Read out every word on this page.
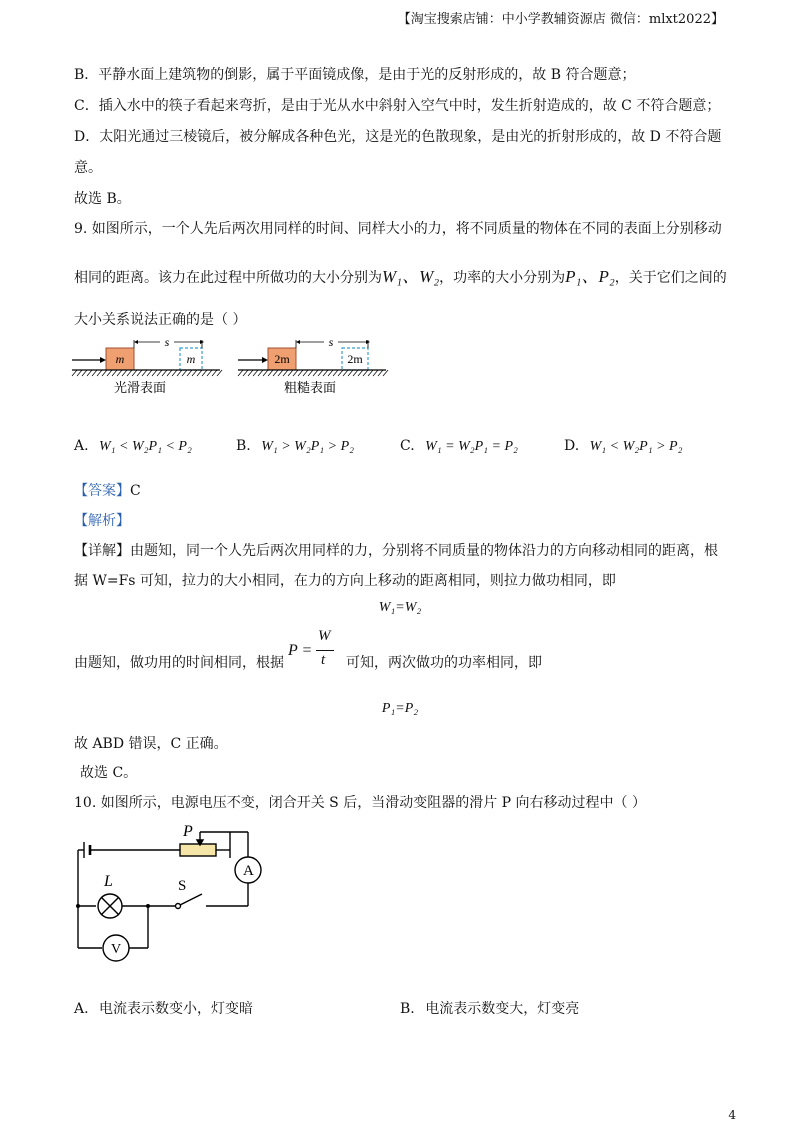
【淘宝搜索店铺：中小学教辅资源店 微信：mlxt2022】
B．平静水面上建筑物的倒影，属于平面镜成像，是由于光的反射形成的，故 B 符合题意；
C．插入水中的筷子看起来弯折，是由于光从水中斜射入空气中时，发生折射造成的，故 C 不符合题意；
D．太阳光通过三棱镜后，被分解成各种色光，这是光的色散现象，是由光的折射形成的，故 D 不符合题
意。
故选 B。
9. 如图所示，一个人先后两次用同样的时间、同样大小的力，将不同质量的物体在不同的表面上分别移动
相同的距离。该力在此过程中所做功的大小分别为W₁、W₂，功率的大小分别为P₁、P₂，关于它们之间的
大小关系说法正确的是（ ）
m	m
s
光滑表面
2m	2m
s
粗糙表面
A. W₁ < W₂P₁ < P₂	B. W₁ > W₂P₁ > P₂	C. W₁ = W₂P₁ = P₂	D. W₁ < W₂P₁ > P₂
【答案】C
【解析】
【详解】由题知，同一个人先后两次用同样的力，分别将不同质量的物体沿力的方向移动相同的距离，根
据 W=Fs 可知，拉力的大小相同，在力的方向上移动的距离相同，则拉力做功相同，即
W₁=W₂
由题知，做功用的时间相同，根据
P =
W
t 可知，两次做功的功率相同，即
P₁=P₂
故 ABD 错误，C 正确。
故选 C。
10. 如图所示，电源电压不变，闭合开关 S 后，当滑动变阻器的滑片 P 向右移动过程中（ ）
P
A
L	S
V
A. 电流表示数变小，灯变暗	B. 电流表示数变大，灯变亮
4
